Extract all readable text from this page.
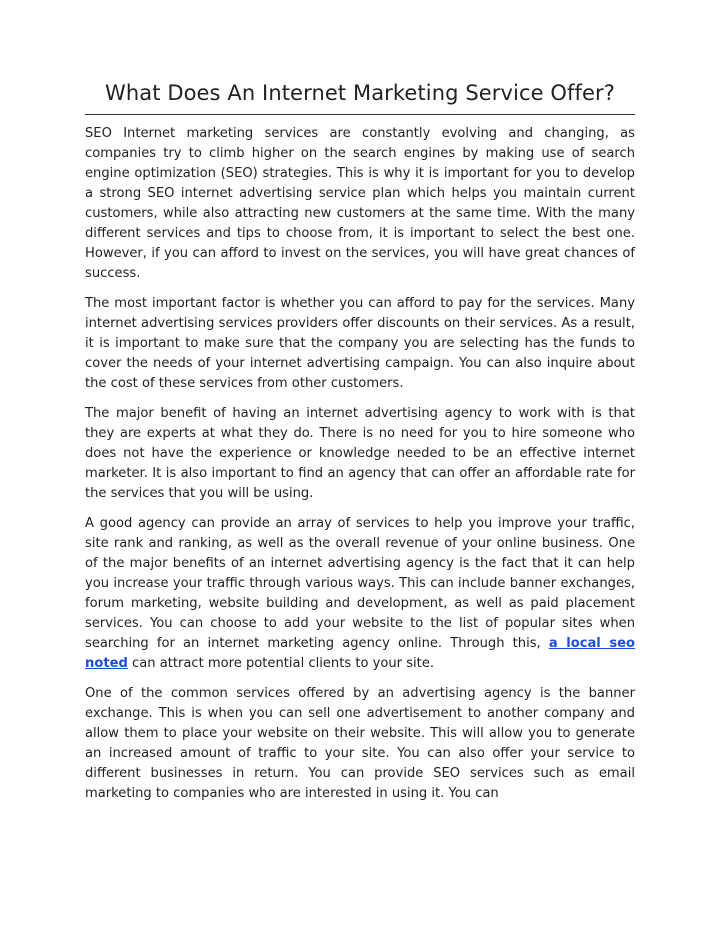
What Does An Internet Marketing Service Offer?

SEO Internet marketing services are constantly evolving and changing, as companies try to climb higher on the search engines by making use of search engine optimization (SEO) strategies. This is why it is important for you to develop a strong SEO internet advertising service plan which helps you maintain current customers, while also attracting new customers at the same time. With the many different services and tips to choose from, it is important to select the best one. However, if you can afford to invest on the services, you will have great chances of success.

The most important factor is whether you can afford to pay for the services. Many internet advertising services providers offer discounts on their services. As a result, it is important to make sure that the company you are selecting has the funds to cover the needs of your internet advertising campaign. You can also inquire about the cost of these services from other customers.

The major benefit of having an internet advertising agency to work with is that they are experts at what they do. There is no need for you to hire someone who does not have the experience or knowledge needed to be an effective internet marketer. It is also important to find an agency that can offer an affordable rate for the services that you will be using.

A good agency can provide an array of services to help you improve your traffic, site rank and ranking, as well as the overall revenue of your online business. One of the major benefits of an internet advertising agency is the fact that it can help you increase your traffic through various ways. This can include banner exchanges, forum marketing, website building and development, as well as paid placement services. You can choose to add your website to the list of popular sites when searching for an internet marketing agency online. Through this, a local seo noted can attract more potential clients to your site.

One of the common services offered by an advertising agency is the banner exchange. This is when you can sell one advertisement to another company and allow them to place your website on their website. This will allow you to generate an increased amount of traffic to your site. You can also offer your service to different businesses in return. You can provide SEO services such as email marketing to companies who are interested in using it. You can
